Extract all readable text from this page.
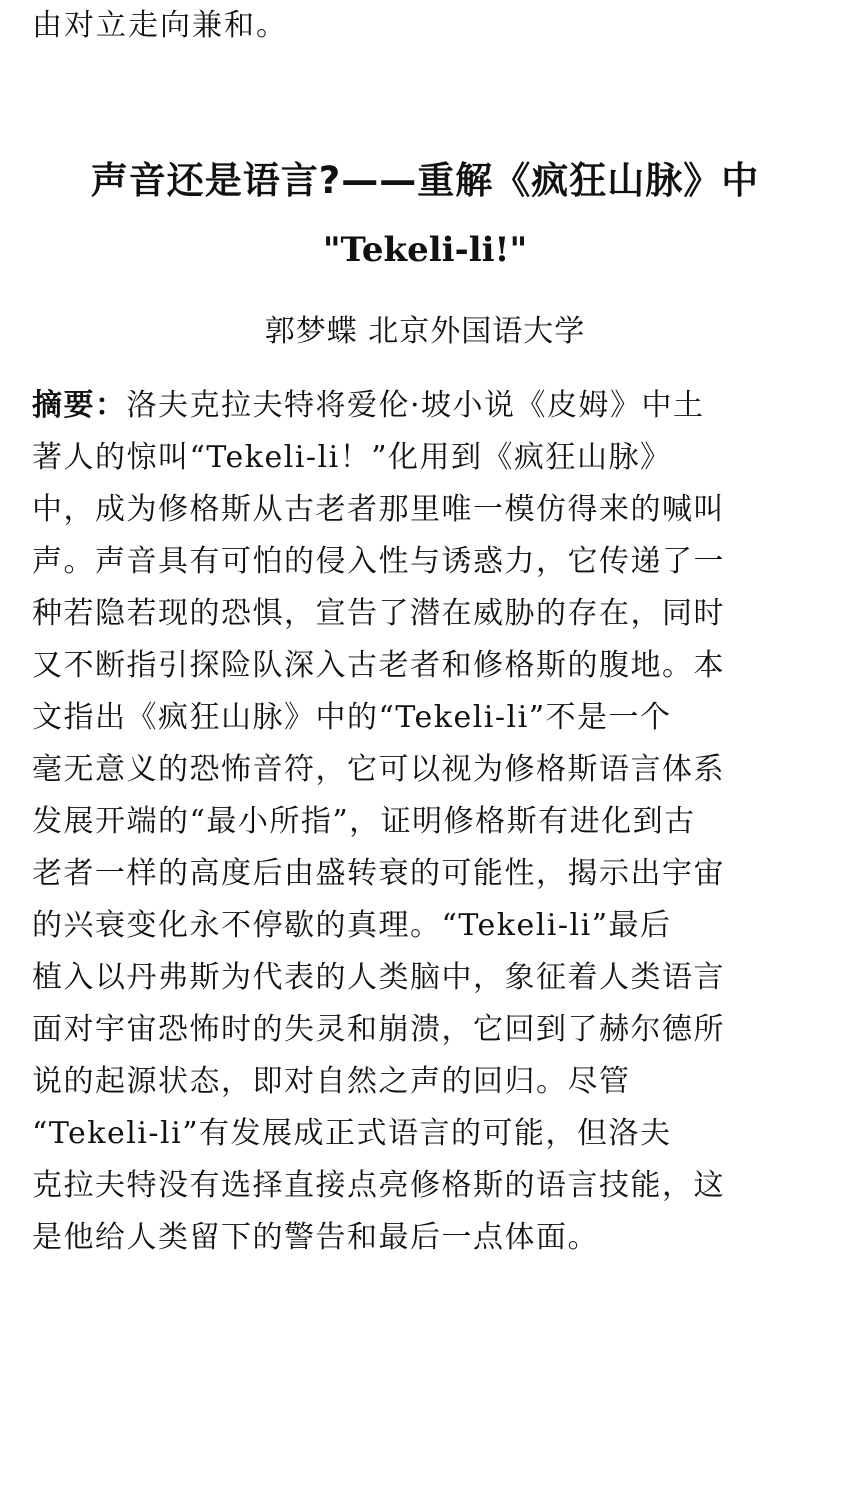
由对立走向兼和。
声音还是语言?——重解《疯狂山脉》中
"Tekeli-li!"
郭梦蝶 北京外国语大学
摘要：洛夫克拉夫特将爱伦·坡小说《皮姆》中土
著人的惊叫“Tekeli-li！”化用到《疯狂山脉》
中，成为修格斯从古老者那里唯一模仿得来的喊叫
声。声音具有可怕的侵入性与诱惑力，它传递了一
种若隐若现的恐惧，宣告了潜在威胁的存在，同时
又不断指引探险队深入古老者和修格斯的腹地。本
文指出《疯狂山脉》中的“Tekeli-li”不是一个
毫无意义的恐怖音符，它可以视为修格斯语言体系
发展开端的“最小所指”，证明修格斯有进化到古
老者一样的高度后由盛转衰的可能性，揭示出宇宙
的兴衰变化永不停歇的真理。“Tekeli-li”最后
植入以丹弗斯为代表的人类脑中，象征着人类语言
面对宇宙恐怖时的失灵和崩溃，它回到了赫尔德所
说的起源状态，即对自然之声的回归。尽管
“Tekeli-li”有发展成正式语言的可能，但洛夫
克拉夫特没有选择直接点亮修格斯的语言技能，这
是他给人类留下的警告和最后一点体面。
